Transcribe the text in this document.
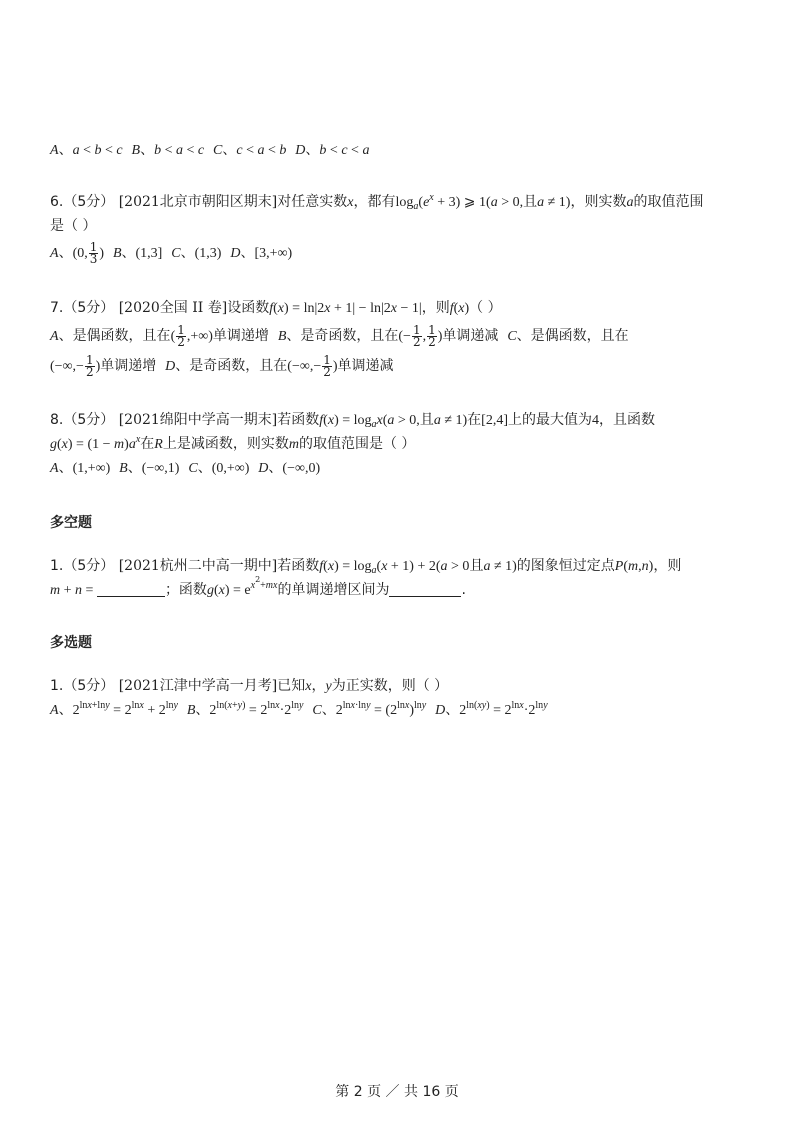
A、a < b < c B、b < a < c C、c < a < b D、b < c < a
6.（5分） [2021北京市朝阳区期末]对任意实数x，都有$\log_a(e^x + 3)$ ⩾ 1(a > 0,且a ≠ 1)，则实数a的取值范围
是（ ）
A、(0, $\frac{1}{3}$ ) B、(1,3] C、(1,3) D、[3,+∞)
7.（5分） [2020全国 II 卷]设函数f(x) = ln|2x + 1| − ln|2x − 1|，则f(x)（ ）
A、是偶函数，且在( $\frac{1}{2}$ ,+∞)单调递增 B、是奇函数，且在(− $\frac{1}{2}$ , $\frac{1}{2}$ )单调递减 C、是偶函数，且在
(−∞,− $\frac{1}{2}$ )单调递增 D、是奇函数，且在(−∞,− $\frac{1}{2}$ )单调递减
8.（5分） [2021绵阳中学高一期末]若函数$f(x) = \log_ax(a > 0$,且a ≠ 1)在[2,4]上的最大值为4，且函数
$g(x) = (1 - m)a^x$在R上是减函数，则实数m的取值范围是（ ）
A、(1,+∞) B、(−∞,1) C、(0,+∞) D、(−∞,0)
多空题
1.（5分） [2021杭州二中高一期中]若函数$f(x) = \log_a(x + 1) + 2(a > 0$且a ≠ 1)的图象恒过定点P(m,n)，则
m + n =	；函数$g(x) = e^{x^2+mx}$的单调递增区间为	.
多选题
1.（5分） [2021江津中学高一月考]已知x，y为正实数，则（ ）
A、$2^{lnx+lny} = 2^{lnx} + 2^{lny}$ B、$2^{ln(x+y)} = 2^{lnx}\cdot 2^{lny}$ C、$2^{lnx\cdot lny} = (2^{lnx})^{lny}$ D、$2^{ln(xy)} = 2^{lnx}\cdot 2^{lny}$
第 2 页 ／ 共 16 页
